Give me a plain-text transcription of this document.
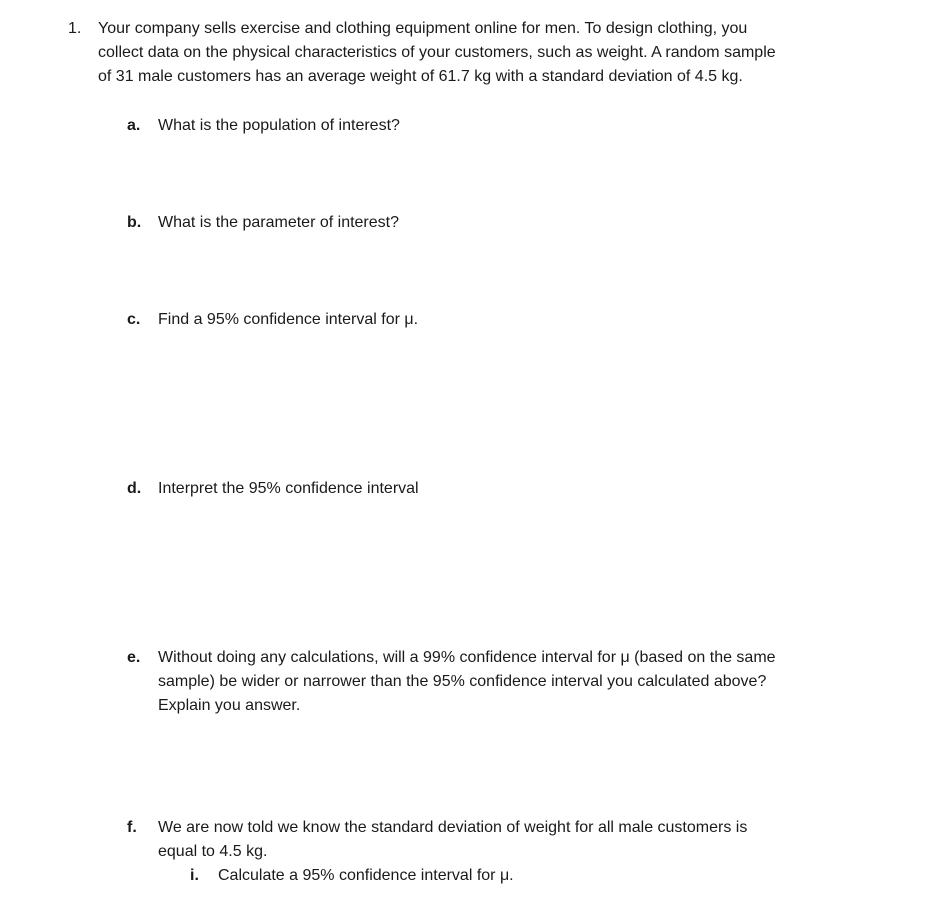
1. Your company sells exercise and clothing equipment online for men. To design clothing, you
collect data on the physical characteristics of your customers, such as weight. A random sample
of 31 male customers has an average weight of 61.7 kg with a standard deviation of 4.5 kg.
a.	What is the population of interest?
b.	What is the parameter of interest?
c.	Find a 95% confidence interval for μ.
d.	Interpret the 95% confidence interval
e.	Without doing any calculations, will a 99% confidence interval for μ (based on the same
sample) be wider or narrower than the 95% confidence interval you calculated above?
Explain you answer.
f.	We are now told we know the standard deviation of weight for all male customers is
equal to 4.5 kg.
i. Calculate a 95% confidence interval for μ.
